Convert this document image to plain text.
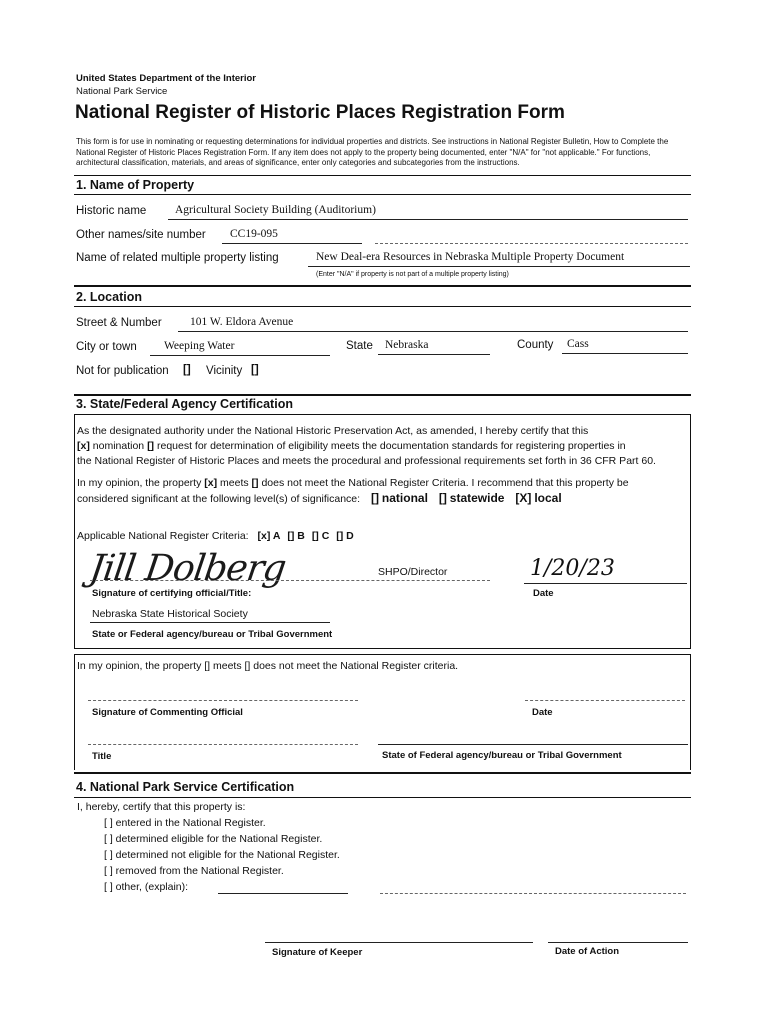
United States Department of the Interior
National Park Service
National Register of Historic Places Registration Form
This form is for use in nominating or requesting determinations for individual properties and districts. See instructions in National Register Bulletin, How to Complete the National Register of Historic Places Registration Form. If any item does not apply to the property being documented, enter "N/A" for "not applicable." For functions, architectural classification, materials, and areas of significance, enter only categories and subcategories from the instructions.
1. Name of Property
Historic name Agricultural Society Building (Auditorium)
Other names/site number CC19-095
Name of related multiple property listing	New Deal-era Resources in Nebraska Multiple Property Document
(Enter "N/A" if property is not part of a multiple property listing)
2. Location
Street & Number 101 W. Eldora Avenue
City or town Weeping Water	State Nebraska	County Cass
Not for publication [] Vicinity []
3. State/Federal Agency Certification
As the designated authority under the National Historic Preservation Act, as amended, I hereby certify that this
[x] nomination [] request for determination of eligibility meets the documentation standards for registering properties in
the National Register of Historic Places and meets the procedural and professional requirements set forth in 36 CFR Part 60.
In my opinion, the property [x] meets [] does not meet the National Register Criteria. I recommend that this property be
considered significant at the following level(s) of significance: [] national [] statewide [X] local
Applicable National Register Criteria: [x] A [] B [] C [] D
Jill Dolberg	SHPO/Director	1/20/23
Signature of certifying official/Title:	Date
Nebraska State Historical Society
State or Federal agency/bureau or Tribal Government
In my opinion, the property [] meets [] does not meet the National Register criteria.
Signature of Commenting Official	Date
Title	State of Federal agency/bureau or Tribal Government
4. National Park Service Certification
I, hereby, certify that this property is:
[ ] entered in the National Register.
[ ] determined eligible for the National Register.
[ ] determined not eligible for the National Register.
[ ] removed from the National Register.
[ ] other, (explain):
Signature of Keeper	Date of Action
